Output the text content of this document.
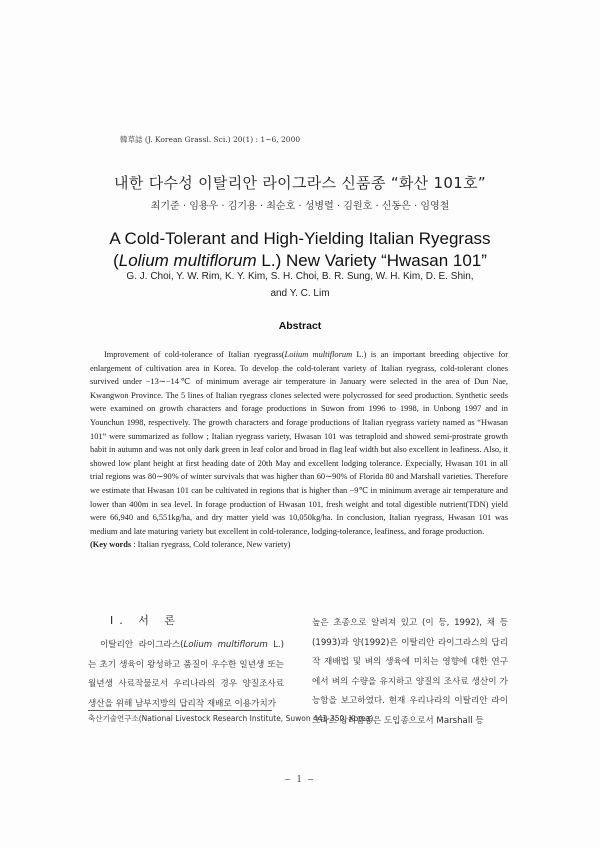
韓草誌 (J. Korean Grassl. Sci.) 20(1) : 1~6, 2000
내한 다수성 이탈리안 라이그라스 신품종 “화산 101호”
최기준 · 임용우 · 김기용 · 최순호 · 성병렬 · 김원호 · 신동은 · 임영철
A Cold-Tolerant and High-Yielding Italian Ryegrass (Lolium multiflorum L.) New Variety “Hwasan 101”
G. J. Choi, Y. W. Rim, K. Y. Kim, S. H. Choi, B. R. Sung, W. H. Kim, D. E. Shin,
and Y. C. Lim
Abstract

Improvement of cold-tolerance of Italian ryegrass(Loiium multiflorum L.) is an important breeding objective for enlargement of cultivation area in Korea. To develop the cold-tolerant variety of Italian ryegrass, cold-tolerant clones survived under −13∼−14℃ of minimum average air temperature in January were selected in the area of Dun Nae, Kwangwon Province. The 5 lines of Italian ryegrass clones selected were polycrossed for seed production. Synthetic seeds were examined on growth characters and forage productions in Suwon from 1996 to 1998, in Unbong 1997 and in Younchun 1998, respectively. The growth characters and forage productions of Italian ryegrass variety named as “Hwasan 101” were summarized as follow ; Italian ryegrass variety, Hwasan 101 was tetraploid and showed semi-prostrate growth habit in autumn and was not only dark green in leaf color and broad in flag leaf width but also excellent in leafiness. Also, it showed low plant height at first heading date of 20th May and excellent lodging tolerance. Expecially, Hwasan 101 in all trial regions was 80∼90% of winter survivals that was higher than 60∼90% of Florida 80 and Marshall varieties. Therefore we estimate that Hwasan 101 can be cultivated in regions that is higher than −9℃ in minimum average air temperature and lower than 400m in sea level. In forage production of Hwasan 101, fresh weight and total digestible nutrient(TDN) yield were 66,940 and 6,551kg/ha, and dry matter yield was 10,050kg/ha. In conclusion, Italian ryegrass, Hwasan 101 was medium and late maturing variety but excellent in cold-tolerance, lodging-tolerance, leafiness, and forage production.

(Key words : Italian ryegrass, Cold tolerance, New variety)
Ⅰ. 서 론
이탈리안 라이그라스(Lolium multiflorum L.)는 초기 생육이 왕성하고 품질이 우수한 일년생 또는 월년생 사료작물로서 우리나라의 경우 양질조사료 생산을 위해 남부지방의 답리작 재배로 이용가치가
높은 초종으로 알려져 있고 (이 등, 1992), 채 등(1993)과 양(1992)은 이탈리안 라이그라스의 답리작 재배법 및 벼의 생육에 미치는 영향에 대한 연구에서 벼의 수량을 유지하고 양질의 조사료 생산이 가능함을 보고하였다. 현재 우리나라의 이탈리안 라이그라스 장려품종은 도입종으로서 Marshall 등
축산기술연구소(National Livestock Research Institute, Suwon 441-350, Korea)
– 1 –
